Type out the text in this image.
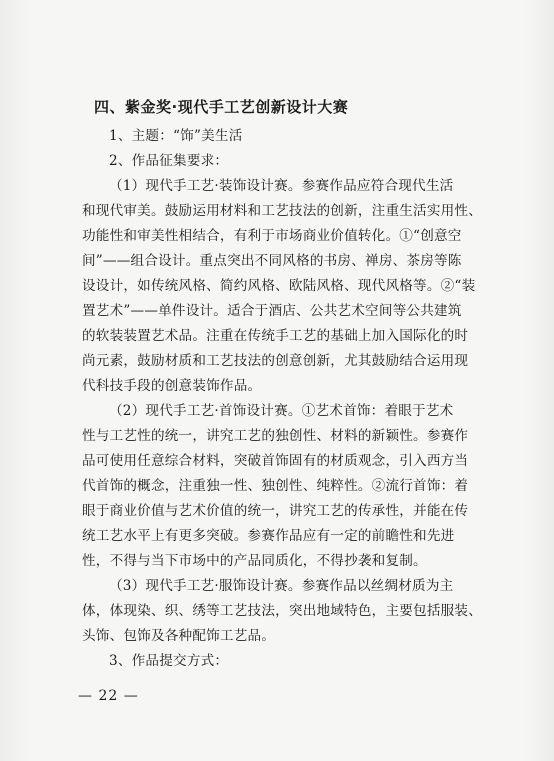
四、紫金奖·现代手工艺创新设计大赛
1、主题：“饰”美生活
2、作品征集要求：
（1）现代手工艺·装饰设计赛。参赛作品应符合现代生活
和现代审美。鼓励运用材料和工艺技法的创新，注重生活实用性、
功能性和审美性相结合，有利于市场商业价值转化。①“创意空
间”——组合设计。重点突出不同风格的书房、禅房、茶房等陈
设设计，如传统风格、简约风格、欧陆风格、现代风格等。②“装
置艺术”——单件设计。适合于酒店、公共艺术空间等公共建筑
的软装装置艺术品。注重在传统手工艺的基础上加入国际化的时
尚元素，鼓励材质和工艺技法的创意创新，尤其鼓励结合运用现
代科技手段的创意装饰作品。
（2）现代手工艺·首饰设计赛。①艺术首饰：着眼于艺术
性与工艺性的统一，讲究工艺的独创性、材料的新颖性。参赛作
品可使用任意综合材料，突破首饰固有的材质观念，引入西方当
代首饰的概念，注重独一性、独创性、纯粹性。②流行首饰：着
眼于商业价值与艺术价值的统一，讲究工艺的传承性，并能在传
统工艺水平上有更多突破。参赛作品应有一定的前瞻性和先进
性，不得与当下市场中的产品同质化，不得抄袭和复制。
（3）现代手工艺·服饰设计赛。参赛作品以丝绸材质为主
体，体现染、织、绣等工艺技法，突出地域特色，主要包括服装、
头饰、包饰及各种配饰工艺品。
3、作品提交方式：
— 22 —
